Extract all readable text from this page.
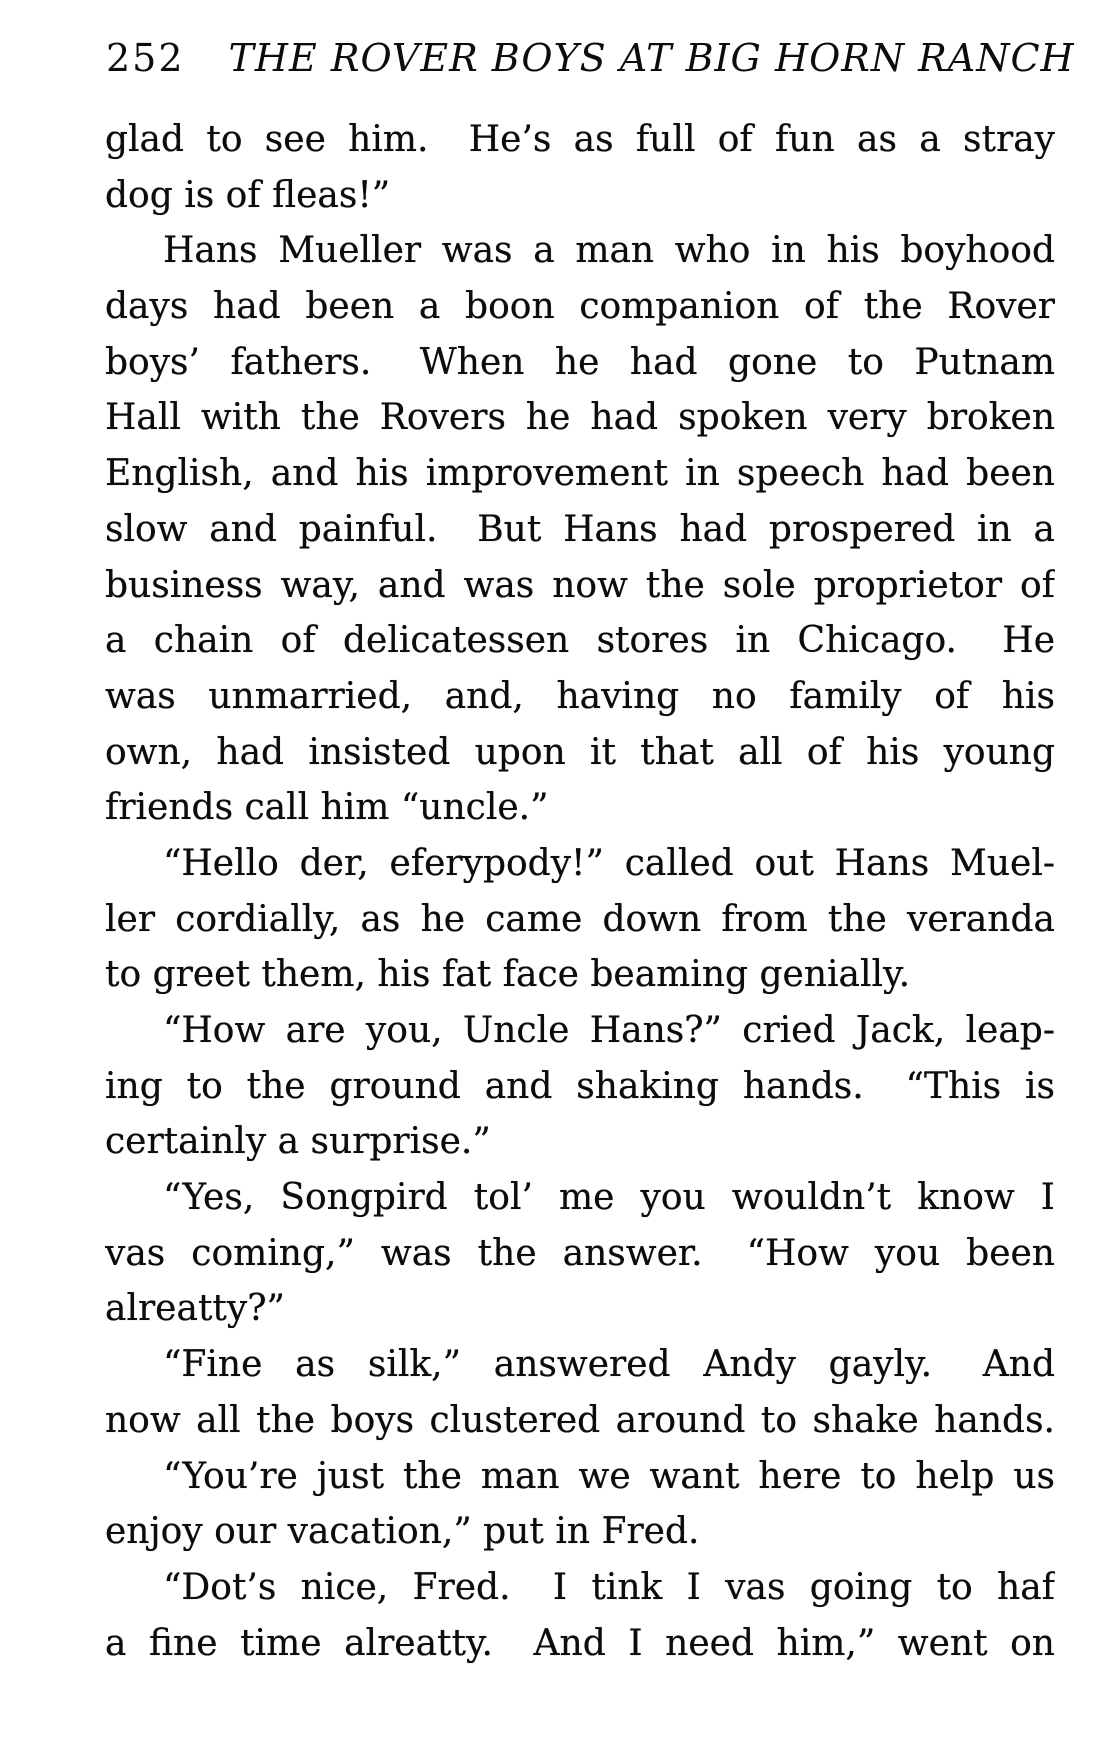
252 THE ROVER BOYS AT BIG HORN RANCH
glad to see him.  He’s as full of fun as a stray
dog is of fleas!”
Hans Mueller was a man who in his boyhood
days had been a boon companion of the Rover
boys’ fathers.  When he had gone to Putnam
Hall with the Rovers he had spoken very broken
English, and his improvement in speech had been
slow and painful.  But Hans had prospered in a
business way, and was now the sole proprietor of
a chain of delicatessen stores in Chicago.  He
was unmarried, and, having no family of his
own, had insisted upon it that all of his young
friends call him “uncle.”
“Hello der, eferypody!” called out Hans Muel-
ler cordially, as he came down from the veranda
to greet them, his fat face beaming genially.
“How are you, Uncle Hans?” cried Jack, leap-
ing to the ground and shaking hands.  “This is
certainly a surprise.”
“Yes, Songpird tol’ me you wouldn’t know I
vas coming,” was the answer.  “How you been
alreatty?”
“Fine as silk,” answered Andy gayly.  And
now all the boys clustered around to shake hands.
“You’re just the man we want here to help us
enjoy our vacation,” put in Fred.
“Dot’s nice, Fred.  I tink I vas going to haf
a fine time alreatty.  And I need him,” went on
